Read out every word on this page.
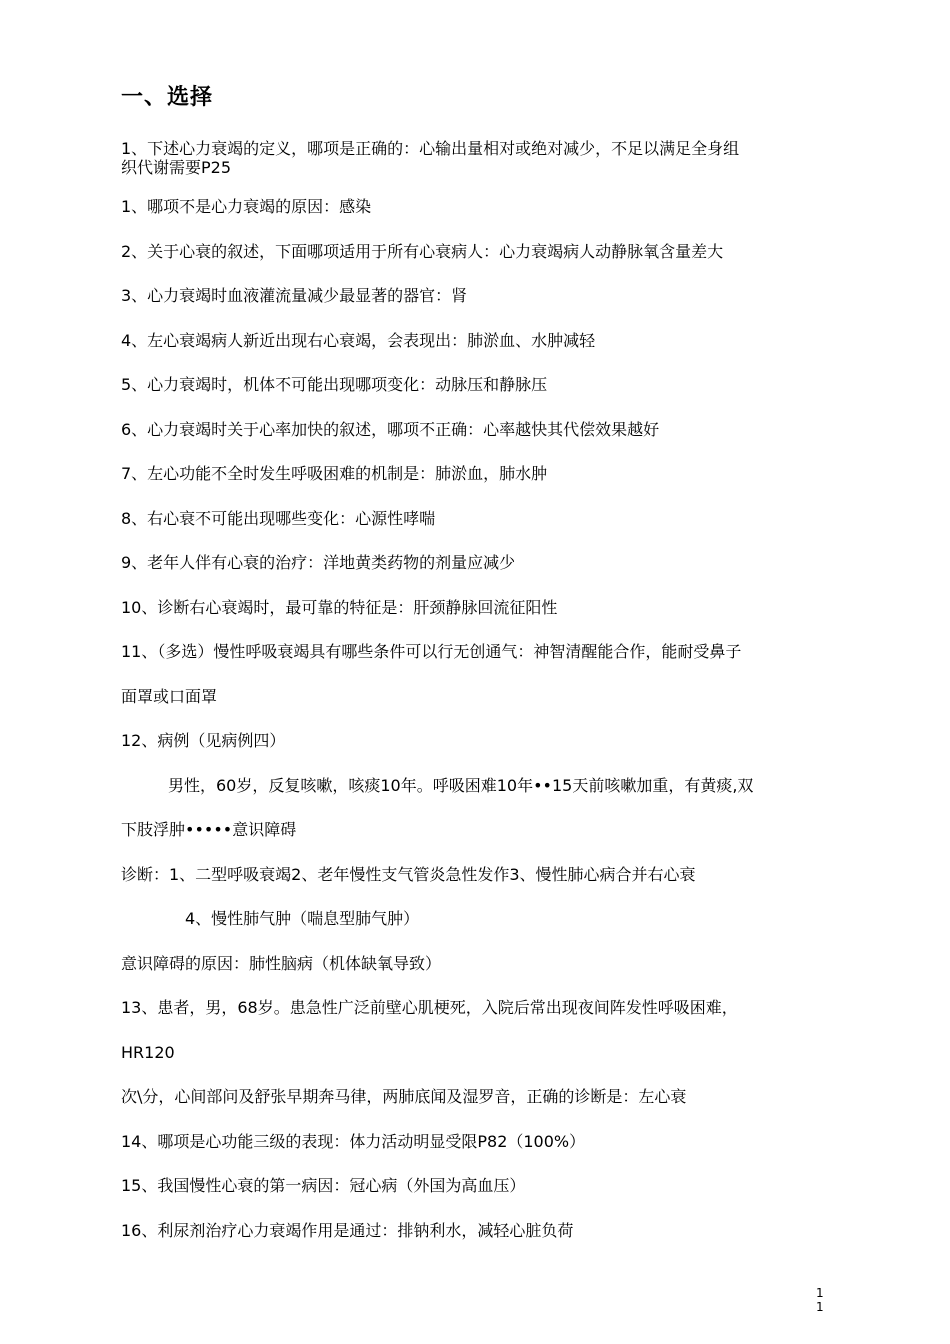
一、选择
1、下述心力衰竭的定义，哪项是正确的：心输出量相对或绝对减少，不足以满足全身组
织代谢需要P25
1、哪项不是心力衰竭的原因：感染
2、关于心衰的叙述，下面哪项适用于所有心衰病人：心力衰竭病人动静脉氧含量差大
3、心力衰竭时血液灌流量减少最显著的器官：肾
4、左心衰竭病人新近出现右心衰竭，会表现出：肺淤血、水肿减轻
5、心力衰竭时，机体不可能出现哪项变化：动脉压和静脉压
6、心力衰竭时关于心率加快的叙述，哪项不正确：心率越快其代偿效果越好
7、左心功能不全时发生呼吸困难的机制是：肺淤血，肺水肿
8、右心衰不可能出现哪些变化：心源性哮喘
9、老年人伴有心衰的治疗：洋地黄类药物的剂量应减少
10、诊断右心衰竭时，最可靠的特征是：肝颈静脉回流征阳性
11、（多选）慢性呼吸衰竭具有哪些条件可以行无创通气：神智清醒能合作，能耐受鼻子
面罩或口面罩
12、病例（见病例四）
男性，60岁，反复咳嗽，咳痰10年。呼吸困难10年••15天前咳嗽加重，有黄痰,双
下肢浮肿•••••意识障碍
诊断：1、二型呼吸衰竭2、老年慢性支气管炎急性发作3、慢性肺心病合并右心衰
4、慢性肺气肿（喘息型肺气肿）
意识障碍的原因：肺性脑病（机体缺氧导致）
13、患者，男，68岁。患急性广泛前壁心肌梗死，入院后常出现夜间阵发性呼吸困难，
HR120
次\分，心间部问及舒张早期奔马律，两肺底闻及湿罗音，正确的诊断是：左心衰
14、哪项是心功能三级的表现：体力活动明显受限P82（100%）
15、我国慢性心衰的第一病因：冠心病（外国为高血压）
16、利尿剂治疗心力衰竭作用是通过：排钠利水，减轻心脏负荷
1
1
